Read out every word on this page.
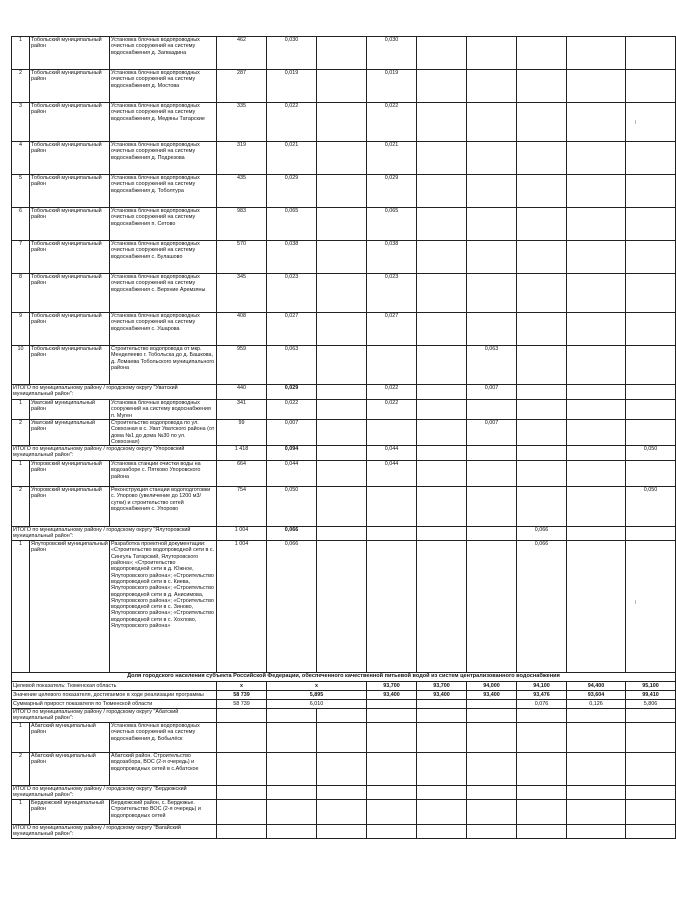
1	Тобольский муниципальный район	Установка блочных водопроводных очистных сооружений на систему водоснабжения д. Загваздина	462	0,030		0,030					
2	Тобольский муниципальный район	Установка блочных водопроводных очистных сооружений на систему водоснабжения д. Мостова	287	0,019		0,019					
3	Тобольский муниципальный район	Установка блочных водопроводных очистных сооружений на систему водоснабжения д. Медяны Татарские	335	0,022		0,022					
4	Тобольский муниципальный район	Установка блочных водопроводных очистных сооружений на систему водоснабжения д. Подрезова	319	0,021		0,021					
5	Тобольский муниципальный район	Установка блочных водопроводных очистных сооружений на систему водоснабжения д. Тоболтура	435	0,029		0,029					
6	Тобольский муниципальный район	Установка блочных водопроводных очистных сооружений на систему водоснабжения п. Сетово	983	0,065		0,065					
7	Тобольский муниципальный район	Установка блочных водопроводных очистных сооружений на систему водоснабжения с. Булашово	570	0,038		0,038					
8	Тобольский муниципальный район	Установка блочных водопроводных очистных сооружений на систему водоснабжения с. Верхние Аремзяны	345	0,023		0,023					
9	Тобольский муниципальный район	Установка блочных водопроводных очистных сооружений на систему водоснабжения с. Ушарова	408	0,027		0,027					
10	Тобольский муниципальный район	Строительство водопровода от мкр. Менделеево г. Тобольска до д. Башкова, д. Ломаева Тобольского муниципального района	959	0,063				0,063			
ИТОГО по муниципальному району / городскому округу "Уватский муниципальный район":			440	0,029		0,022		0,007			
1	Уватский муниципальный район	Установка блочных водопроводных сооружений на систему водоснабжения п. Муген	341	0,022		0,022					
2	Уватский муниципальный район	Строительство водопровода по ул. Совхозная в с. Уват Уватского района (от дома №1 до дома №30 по ул. Совхозная)	99	0,007				0,007			
ИТОГО по муниципальному району / городскому округу "Упоровский муниципальный район":			1 418	0,094		0,044					0,050
1	Упоровский муниципальный район	Установка станции очистки воды на водозаборе с. Пятково Упоровского района	664	0,044		0,044					
2	Упоровский муниципальный район	Реконструкция станции водоподготовки с. Упорово (увеличение до 1200 м3/сутки) и строительство сетей водоснабжения с. Упорово	754	0,050							0,050
ИТОГО по муниципальному району / городскому округу "Ялуторовский муниципальный район":			1 004	0,066					0,066		
1	Ялуторовский муниципальный район	Разработка проектной документации: «Строительство водопроводной сети в с. Сингуль Татарский, Ялуторовского района»; «Строительство водопроводной сети в д. Южное, Ялуторовского района»; «Строительство водопроводной сети в с. Киева, Ялуторовского района»; «Строительство водопроводной сети в д. Анисимова, Ялуторовского района»; «Строительство водопроводной сети в с. Зиново, Ялуторовского района»; «Строительство водопроводной сети в с. Хохлово, Ялуторовского района»	1 004	0,066					0,066		
Доля городского населения субъекта Российской Федерации, обеспеченного качественной питьевой водой из систем централизованного водоснабжения											
Целевой показатель: Тюменская область			х	х		93,700	93,700	94,000	94,100	94,400	95,100
Значение целевого показателя, достигаемое в ходе реализации программы			58 739	5,895		93,400	93,400	93,400	93,476	93,604	99,410
Суммарный прирост показателя по Тюменской области			58 739	6,010					0,076	0,126	5,806
ИТОГО по муниципальному району / городскому округу "Абатский муниципальный район":											
1	Абатский муниципальный район	Установка блочных водопроводных очистных сооружений на систему водоснабжения д. Бобылёск									
2	Абатский муниципальный район	Абатский район. Строительство водозабора, ВОС (2-я очередь) и водопроводных сетей в с.Абатское									
ИТОГО по муниципальному району / городскому округу "Бердюжский муниципальный район":											
1	Бердюжский муниципальный район	Бердюжский район, с. Бердюжье. Строительство ВОС (2-я очередь) и водопроводных сетей									
ИТОГО по муниципальному району / городскому округу "Вагайский муниципальный район":											
